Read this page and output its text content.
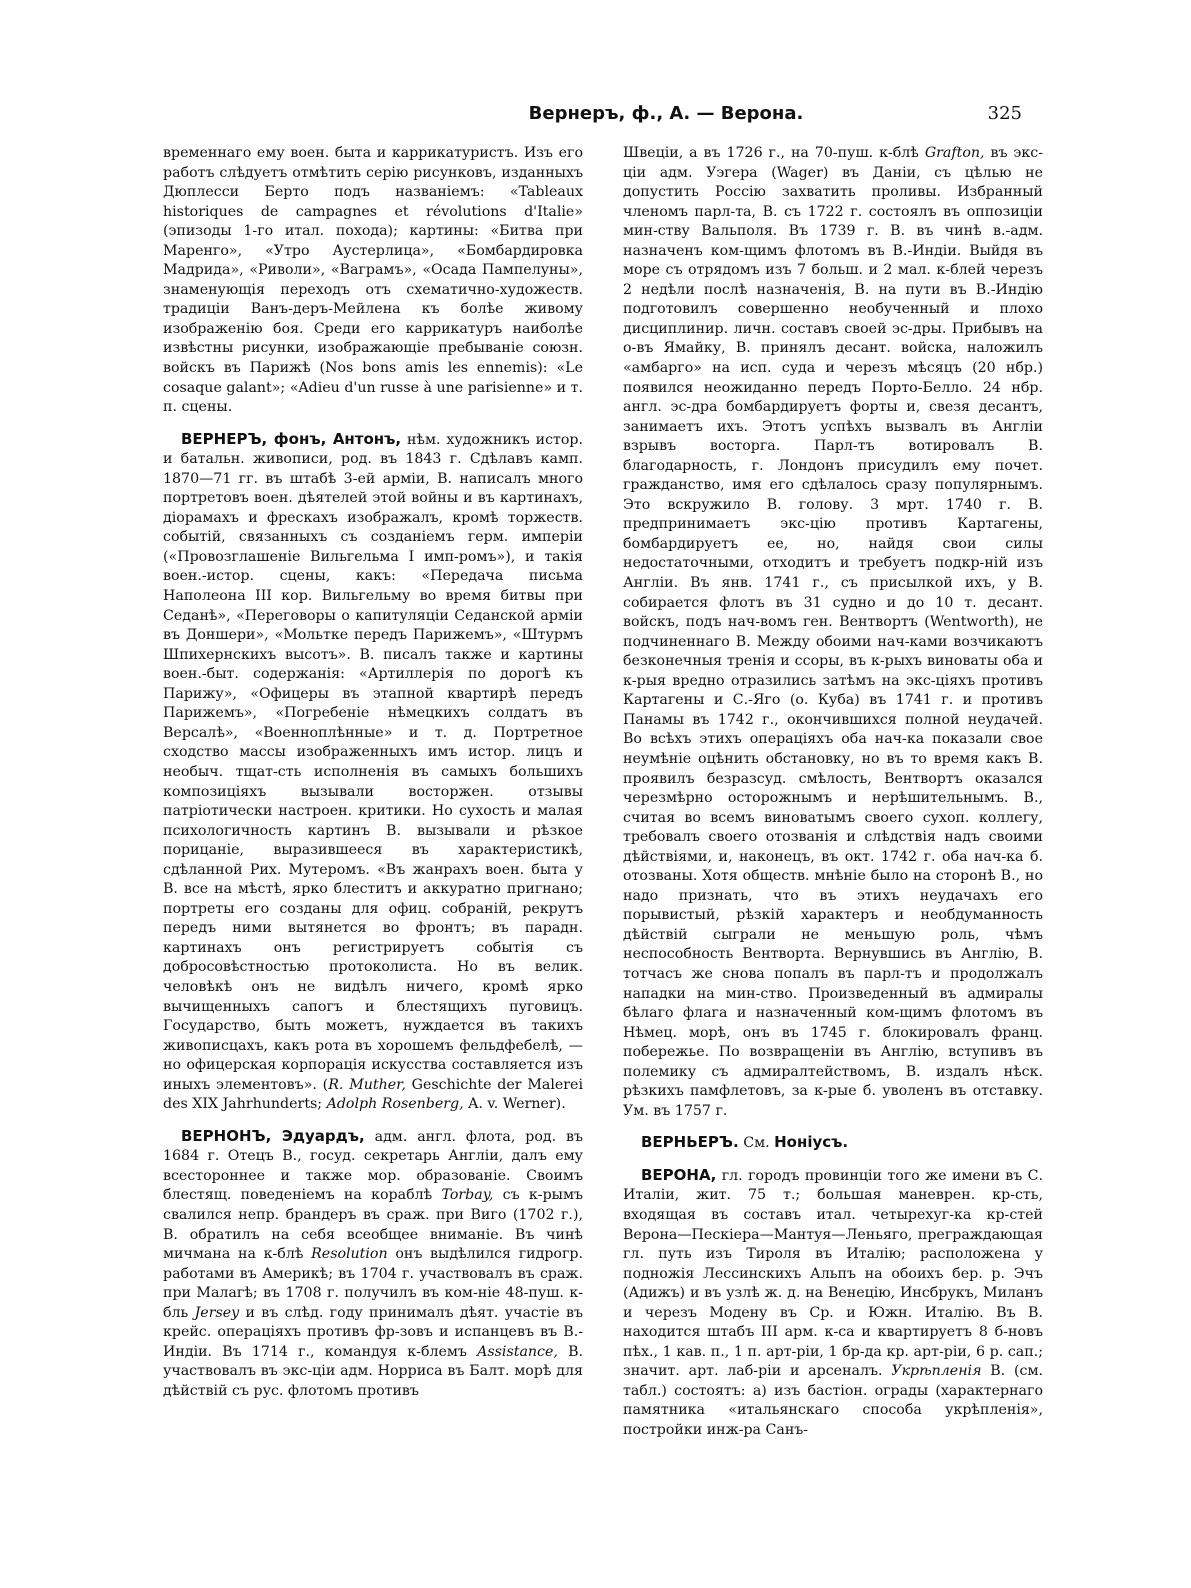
Вернеръ, ф., А. — Верона.	325

временнаго ему воен. быта и каррикатуристъ. Изъ его работъ слѣдуетъ отмѣтить серію рисунковъ, изданныхъ Дюплесси Берто подъ названіемъ: «Tableaux historiques de campagnes et révolutions d'Italie» (эпизоды 1-го итал. похода); картины: «Битва при Маренго», «Утро Аустерлица», «Бомбардировка Мадрида», «Риволи», «Ваграмъ», «Осада Пампелуны», знаменующія переходъ отъ схематично-художеств. традиціи Ванъ-деръ-Мейлена къ болѣе живому изображенію боя. Среди его каррикатуръ наиболѣе извѣстны рисунки, изображающіе пребываніе союзн. войскъ въ Парижѣ (Nos bons amis les ennemis): «Le cosaque galant»; «Adieu d'un russe à une parisienne» и т. п. сцены.

ВЕРНЕРЪ, фонъ, Антонъ, нѣм. художникъ истор. и батальн. живописи, род. въ 1843 г. Сдѣлавъ камп. 1870—71 гг. въ штабѣ 3-ей арміи, В. написалъ много портретовъ воен. дѣятелей этой войны и въ картинахъ, діорамахъ и фрескахъ изображалъ, кромѣ торжеств. событій, связанныхъ съ созданіемъ герм. имперіи («Провозглашеніе Вильгельма I имп-ромъ»), и такія воен.-истор. сцены, какъ: «Передача письма Наполеона III кор. Вильгельму во время битвы при Седанѣ», «Переговоры о капитуляціи Седанской арміи въ Доншери», «Мольтке передъ Парижемъ», «Штурмъ Шпихернскихъ высотъ». В. писалъ также и картины воен.-быт. содержанія: «Артиллерія по дорогѣ къ Парижу», «Офицеры въ этапной квартирѣ передъ Парижемъ», «Погребеніе нѣмецкихъ солдатъ въ Версалѣ», «Военноплѣнные» и т. д. Портретное сходство массы изображенныхъ имъ истор. лицъ и необыч. тщат-сть исполненія въ самыхъ большихъ композиціяхъ вызывали восторжен. отзывы патріотически настроен. критики. Но сухость и малая психологичность картинъ В. вызывали и рѣзкое порицаніе, выразившееся въ характеристикѣ, сдѣланной Рих. Мутеромъ. «Въ жанрахъ воен. быта у В. все на мѣстѣ, ярко блеститъ и аккуратно пригнано; портреты его созданы для офиц. собраній, рекрутъ передъ ними вытянется во фронтъ; въ парадн. картинахъ онъ регистрируетъ событія съ добросовѣстностью протоколиста. Но въ велик. человѣкѣ онъ не видѣлъ ничего, кромѣ ярко вычищенныхъ сапогъ и блестящихъ пуговицъ. Государство, быть можетъ, нуждается въ такихъ живописцахъ, какъ рота въ хорошемъ фельдфебелѣ, — но офицерская корпорація искусства составляется изъ иныхъ элементовъ». (R. Muther, Geschichte der Malerei des XIX Jahrhunderts; Adolph Rosenberg, A. v. Werner).

ВЕРНОНЪ, Эдуардъ, адм. англ. флота, род. въ 1684 г. Отецъ В., госуд. секретарь Англіи, далъ ему всестороннее и также мор. образованіе. Своимъ блестящ. поведеніемъ на кораблѣ Torbay, съ к-рымъ свалился непр. брандеръ въ сраж. при Виго (1702 г.), В. обратилъ на себя всеобщее вниманіе. Въ чинѣ мичмана на к-блѣ Resolution онъ выдѣлился гидрогр. работами въ Америкѣ; въ 1704 г. участвовалъ въ сраж. при Малагѣ; въ 1708 г. получилъ въ ком-ніе 48-пуш. к-бль Jersey и въ слѣд. году принималъ дѣят. участіе въ крейс. операціяхъ противъ фр-зовъ и испанцевъ въ В.-Индіи. Въ 1714 г., командуя к-блемъ Assistance, В. участвовалъ въ экс-ціи адм. Норриса въ Балт. морѣ для дѣйствій съ рус. флотомъ противъ

Швеціи, а въ 1726 г., на 70-пуш. к-блѣ Grafton, въ экс-ціи адм. Уэгера (Wager) въ Даніи, съ цѣлью не допустить Россію захватить проливы. Избранный членомъ парл-та, В. съ 1722 г. состоялъ въ оппозиціи мин-ству Вальполя. Въ 1739 г. В. въ чинѣ в.-адм. назначенъ ком-щимъ флотомъ въ В.-Индіи. Выйдя въ море съ отрядомъ изъ 7 больш. и 2 мал. к-блей черезъ 2 недѣли послѣ назначенія, В. на пути въ В.-Индію подготовилъ совершенно необученный и плохо дисциплинир. личн. составъ своей эс-дры. Прибывъ на о-въ Ямайку, В. принялъ десант. войска, наложилъ «амбарго» на исп. суда и черезъ мѣсяцъ (20 нбр.) появился неожиданно передъ Порто-Белло. 24 нбр. англ. эс-дра бомбардируетъ форты и, свезя десантъ, занимаетъ ихъ. Этотъ успѣхъ вызвалъ въ Англіи взрывъ восторга. Парл-тъ вотировалъ В. благодарность, г. Лондонъ присудилъ ему почет. гражданство, имя его сдѣлалось сразу популярнымъ. Это вскружило В. голову. 3 мрт. 1740 г. В. предпринимаетъ экс-цію противъ Картагены, бомбардируетъ ее, но, найдя свои силы недостаточными, отходитъ и требуетъ подкр-ній изъ Англіи. Въ янв. 1741 г., съ присылкой ихъ, у В. собирается флотъ въ 31 судно и до 10 т. десант. войскъ, подъ нач-вомъ ген. Вентвортъ (Wentworth), не подчиненнаго В. Между обоими нач-ками возчикаютъ безконечныя тренія и ссоры, въ к-рыхъ виноваты оба и к-рыя вредно отразились затѣмъ на экс-ціяхъ противъ Картагены и С.-Яго (о. Куба) въ 1741 г. и противъ Панамы въ 1742 г., окончившихся полной неудачей. Во всѣхъ этихъ операціяхъ оба нач-ка показали свое неумѣніе оцѣнить обстановку, но въ то время какъ В. проявилъ безразсуд. смѣлость, Вентвортъ оказался черезмѣрно осторожнымъ и нерѣшительнымъ. В., считая во всемъ виноватымъ своего сухоп. коллегу, требовалъ своего отозванія и слѣдствія надъ своими дѣйствіями, и, наконецъ, въ окт. 1742 г. оба нач-ка б. отозваны. Хотя обществ. мнѣніе было на сторонѣ В., но надо признать, что въ этихъ неудачахъ его порывистый, рѣзкій характеръ и необдуманность дѣйствій сыграли не меньшую роль, чѣмъ неспособность Вентворта. Вернувшись въ Англію, В. тотчасъ же снова попалъ въ парл-тъ и продолжалъ нападки на мин-ство. Произведенный въ адмиралы бѣлаго флага и назначенный ком-щимъ флотомъ въ Нѣмец. морѣ, онъ въ 1745 г. блокировалъ франц. побережье. По возвращеніи въ Англію, вступивъ въ полемику съ адмиралтействомъ, В. издалъ нѣск. рѣзкихъ памфлетовъ, за к-рые б. уволенъ въ отставку. Ум. въ 1757 г.

ВЕРНЬЕРЪ. См. Ноніусъ.

ВЕРОНА, гл. городъ провинціи того же имени въ С. Италіи, жит. 75 т.; большая маневрен. кр-сть, входящая въ составъ итал. четырехуг-ка кр-стей Верона—Пескіера—Мантуя—Леньяго, преграждающая гл. путь изъ Тироля въ Италію; расположена у подножія Лессинскихъ Альпъ на обоихъ бер. р. Эчъ (Адижъ) и въ узлѣ ж. д. на Венецію, Инсбрукъ, Миланъ и черезъ Модену въ Ср. и Южн. Италію. Въ В. находится штабъ III арм. к-са и квартируетъ 8 б-новъ пѣх., 1 кав. п., 1 п. арт-ріи, 1 бр-да кр. арт-ріи, 6 р. сап.; значит. арт. лаб-ріи и арсеналъ. Укрѣпленія В. (см. табл.) состоятъ: а) изъ бастіон. ограды (характернаго памятника «итальянскаго способа укрѣпленія», постройки инж-ра Санъ-
